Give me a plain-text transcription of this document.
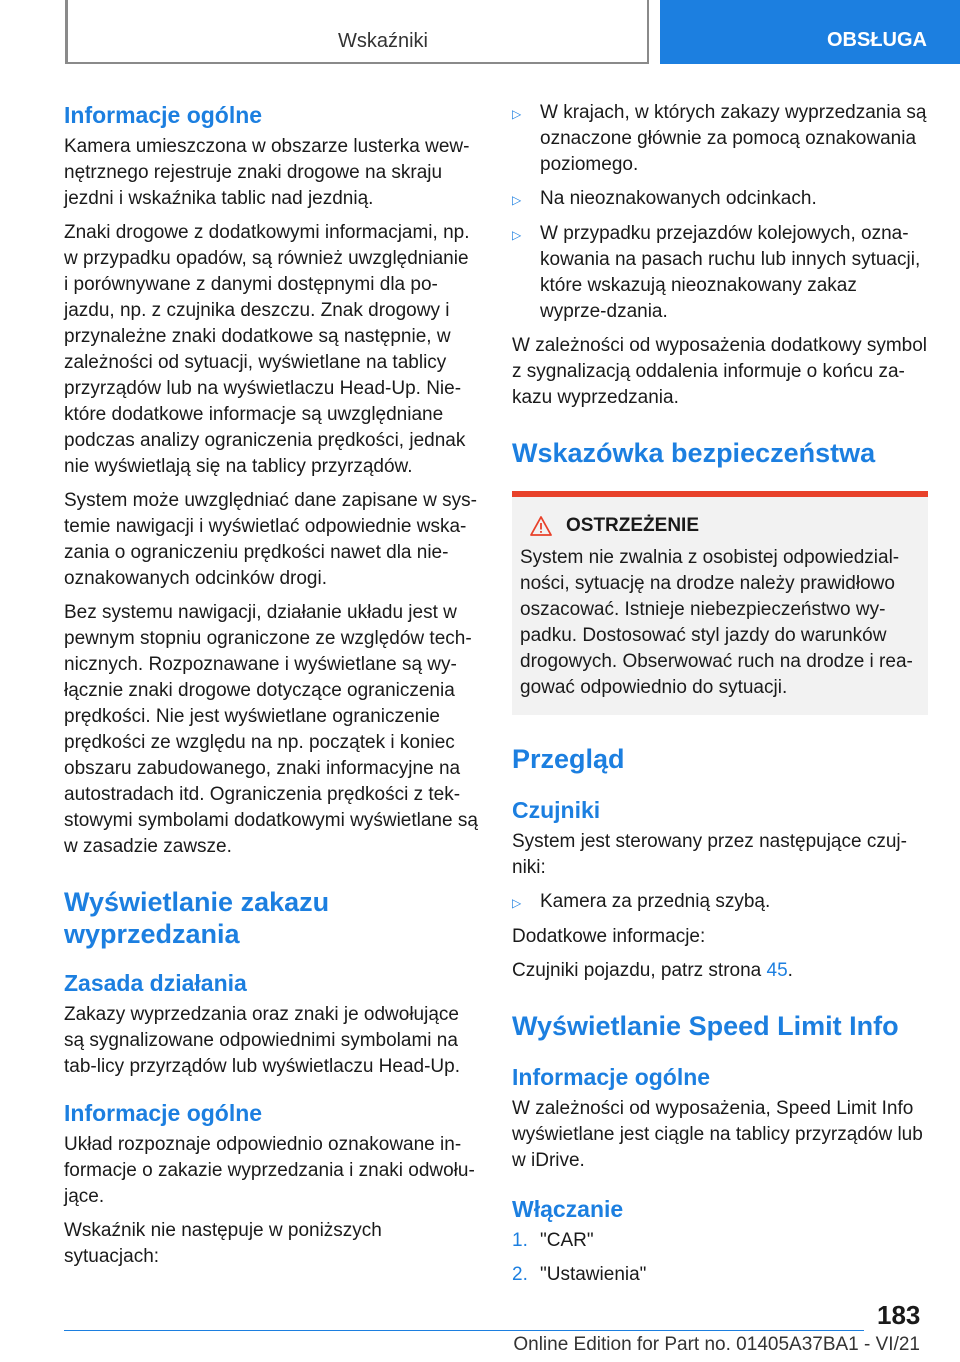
Wskaźniki	OBSŁUGA
Informacje ogólne

Kamera umieszczona w obszarze lusterka wew-nętrznego rejestruje znaki drogowe na skraju jezdni i wskaźnika tablic nad jezdnią.

Znaki drogowe z dodatkowymi informacjami, np. w przypadku opadów, są również uwzględnianie i porównywane z danymi dostępnymi dla po-jazdu, np. z czujnika deszczu. Znak drogowy i przynależne znaki dodatkowe są następnie, w zależności od sytuacji, wyświetlane na tablicy przyrządów lub na wyświetlaczu Head-Up. Nie-które dodatkowe informacje są uwzględniane podczas analizy ograniczenia prędkości, jednak nie wyświetlają się na tablicy przyrządów.

System może uwzględniać dane zapisane w sys-temie nawigacji i wyświetlać odpowiednie wska-zania o ograniczeniu prędkości nawet dla nie-oznakowanych odcinków drogi.

Bez systemu nawigacji, działanie układu jest w pewnym stopniu ograniczone ze względów tech-nicznych. Rozpoznawane i wyświetlane są wy-łącznie znaki drogowe dotyczące ograniczenia prędkości. Nie jest wyświetlane ograniczenie prędkości ze względu na np. początek i koniec obszaru zabudowanego, znaki informacyjne na autostradach itd. Ograniczenia prędkości z tek-stowymi symbolami dodatkowymi wyświetlane są w zasadzie zawsze.

Wyświetlanie zakazu wyprzedzania
Zasada działania

Zakazy wyprzedzania oraz znaki je odwołujące są sygnalizowane odpowiednimi symbolami na tab-licy przyrządów lub wyświetlaczu Head-Up.

Informacje ogólne

Układ rozpoznaje odpowiednio oznakowane in-formacje o zakazie wyprzedzania i znaki odwołu-jące.

Wskaźnik nie następuje w poniższych sytuacjach:

▷ W krajach, w których zakazy wyprzedzania są oznaczone głównie za pomocą oznakowania poziomego.
▷ Na nieoznakowanych odcinkach.
▷ W przypadku przejazdów kolejowych, ozna-kowania na pasach ruchu lub innych sytuacji, które wskazują nieoznakowany zakaz wyprze-dzania.

W zależności od wyposażenia dodatkowy symbol z sygnalizacją oddalenia informuje o końcu za-kazu wyprzedzania.

Wskazówka bezpieczeństwa
OSTRZEŻENIE

System nie zwalnia z osobistej odpowiedzial-ności, sytuację na drodze należy prawidłowo oszacować. Istnieje niebezpieczeństwo wy-padku. Dostosować styl jazdy do warunków drogowych. Obserwować ruch na drodze i rea-gować odpowiednio do sytuacji.

Przegląd
Czujniki

System jest sterowany przez następujące czuj-niki:

▷ Kamera za przednią szybą.

Dodatkowe informacje:

Czujniki pojazdu, patrz strona 45.

Wyświetlanie Speed Limit Info
Informacje ogólne

W zależności od wyposażenia, Speed Limit Info wyświetlane jest ciągle na tablicy przyrządów lub w iDrive.

Włączanie
1. "CAR"
2. "Ustawienia"
183
Online Edition for Part no. 01405A37BA1 - VI/21
